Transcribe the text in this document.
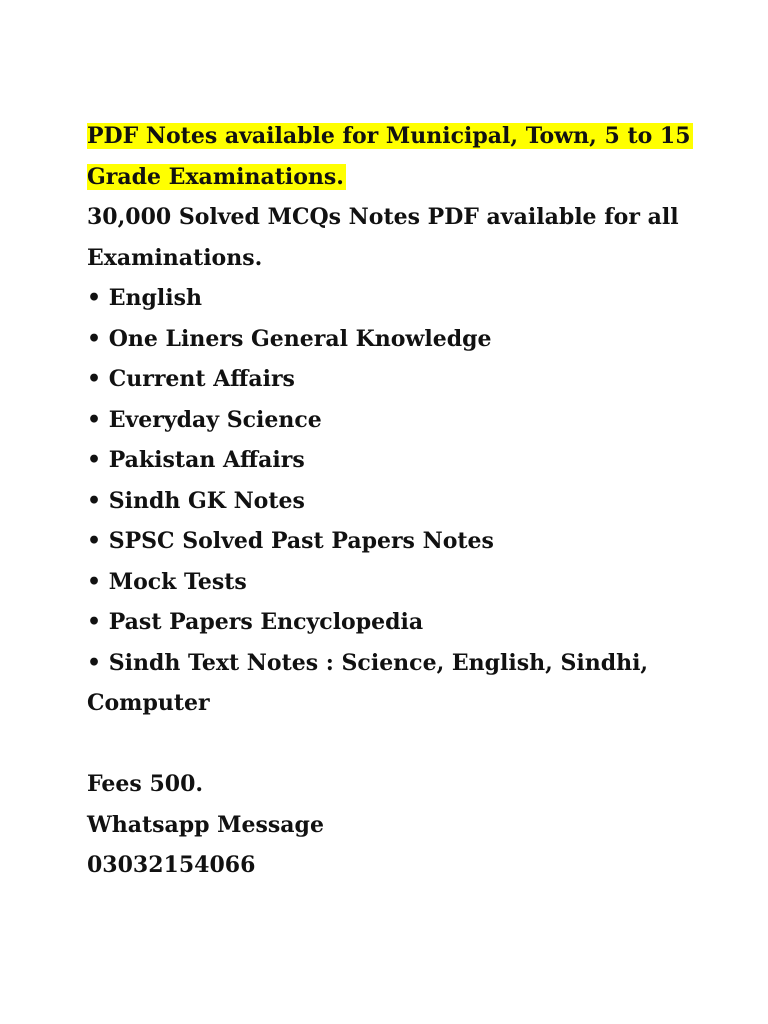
PDF Notes available for Municipal, Town, 5 to 15
Grade Examinations.
30,000 Solved MCQs Notes PDF available for all
Examinations.
• English
• One Liners General Knowledge
• Current Affairs
• Everyday Science
• Pakistan Affairs
• Sindh GK Notes
• SPSC Solved Past Papers Notes
• Mock Tests
• Past Papers Encyclopedia
• Sindh Text Notes : Science, English, Sindhi,
Computer
Fees 500.
Whatsapp Message
03032154066
